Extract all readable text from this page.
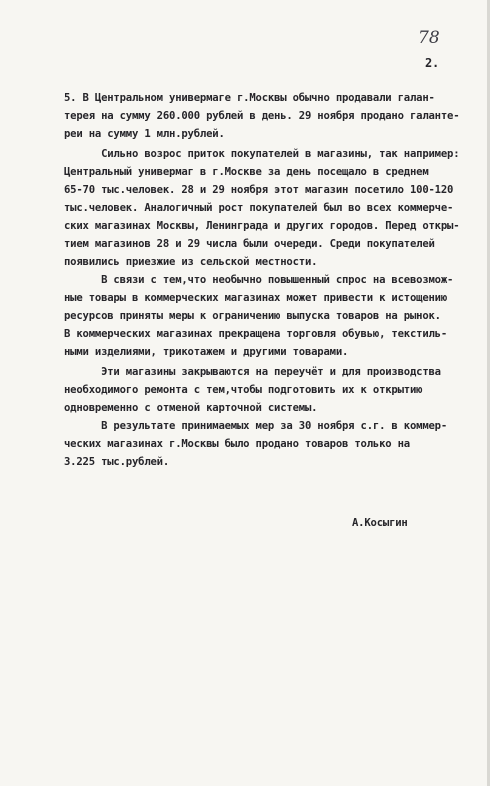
78
2.
5. В Центральном универмаге г.Москвы обычно продавали галан-
терея на сумму 260.000 рублей в день. 29 ноября продано галанте-
реи на сумму 1 млн.рублей.
Сильно возрос приток покупателей в магазины, так например:
Центральный универмаг в г.Москве за день посещало в среднем
65-70 тыс.человек. 28 и 29 ноября этот магазин посетило 100-120
тыс.человек. Аналогичный рост покупателей был во всех коммерче-
ских магазинах Москвы, Ленинграда и других городов. Перед откры-
тием магазинов 28 и 29 числа были очереди. Среди покупателей
появились приезжие из сельской местности.
В связи с тем,что необычно повышенный спрос на всевозмож-
ные товары в коммерческих магазинах может привести к истощению
ресурсов приняты меры к ограничению выпуска товаров на рынок.
В коммерческих магазинах прекращена торговля обувью, текстиль-
ными изделиями, трикотажем и другими товарами.
Эти магазины закрываются на переучёт и для производства
необходимого ремонта с тем,чтобы подготовить их к открытию
одновременно с отменой карточной системы.
В результате принимаемых мер за 30 ноября с.г. в коммер-
ческих магазинах г.Москвы было продано товаров только на
3.225 тыс.рублей.
А.Косыгин
